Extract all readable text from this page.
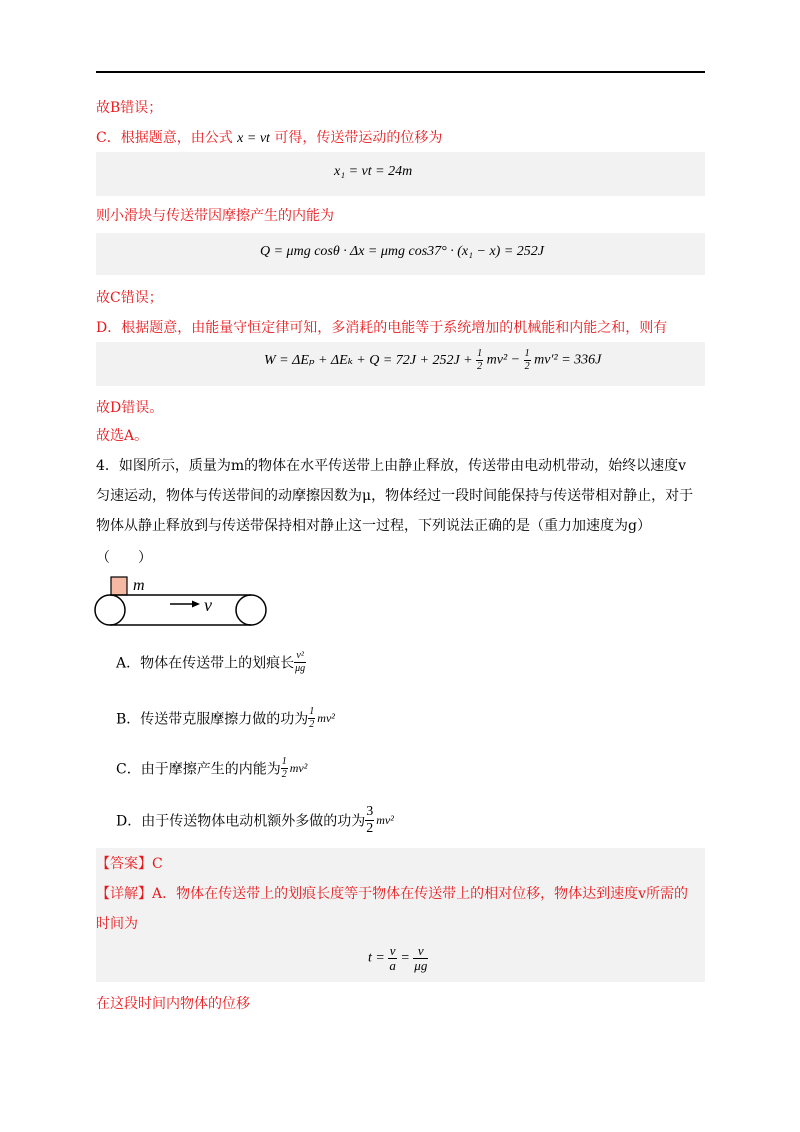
故B错误；
C．根据题意，由公式 x = vt 可得，传送带运动的位移为
x₁ = vt = 24m
则小滑块与传送带因摩擦产生的内能为
Q = μmg cosθ · Δx = μmg cos37° · (x₁ − x) = 252J
故C错误；
D．根据题意，由能量守恒定律可知，多消耗的电能等于系统增加的机械能和内能之和，则有
$W = \Delta E_p + \Delta E_k + Q = 72J + 252J + \frac{1}{2} mv^2 - \frac{1}{2} mv'^2 = 336J$
故D错误。
故选A。
4．如图所示，质量为m的物体在水平传送带上由静止释放，传送带由电动机带动，始终以速度v
匀速运动，物体与传送带间的动摩擦因数为μ，物体经过一段时间能保持与传送带相对静止，对于
物体从静止释放到与传送带保持相对静止这一过程，下列说法正确的是（重力加速度为g）
（　　）
m
v
A．物体在传送带上的划痕长 $\frac{\text{v²}}{\mu g}$
B．传送带克服摩擦力做的功为 $\frac{1}{2} mv^2$
C．由于摩擦产生的内能为 $\frac{1}{2} mv^2$
D．由于传送物体电动机额外多做的功为 $\frac{3}{2} mv^2$
【答案】C
【详解】A．物体在传送带上的划痕长度等于物体在传送带上的相对位移，物体达到速度v所需的
时间为
$t = \frac{v}{a} = \frac{v}{\mu g}$
在这段时间内物体的位移
